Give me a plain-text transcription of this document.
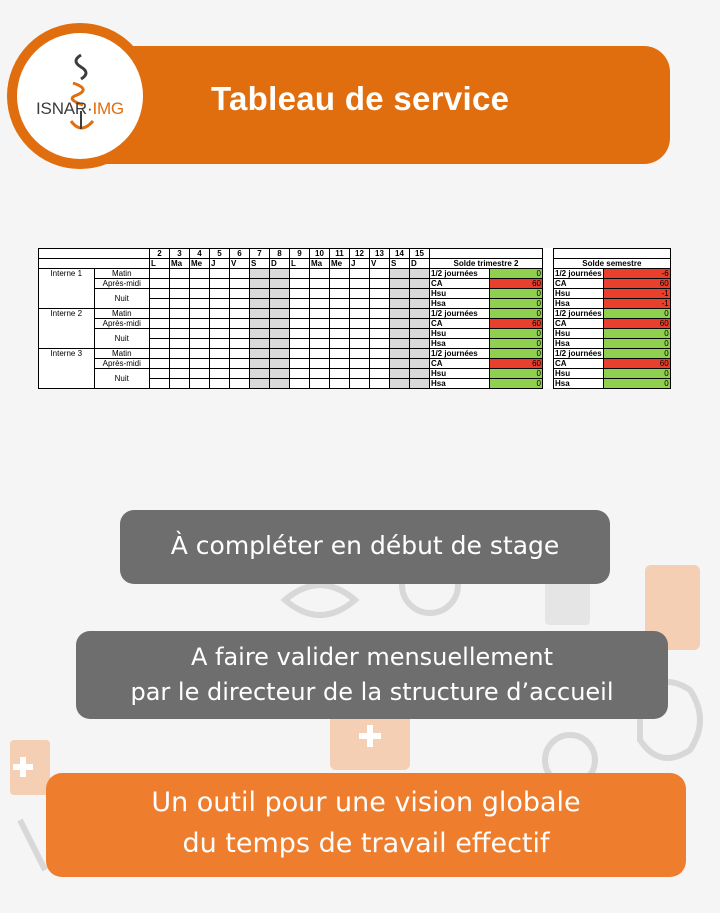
Tableau de service
ISNAR·IMG
		2	3	4	5	6	7	8	9	10	11	12	13	14	15					
		L	Ma	Me	J	V	S	D	L	Ma	Me	J	V	S	D	Solde trimestre 2			Solde semestre	
Interne 1	Matin															1/2 journées	0		1/2 journées	-6
	Après-midi															CA	60		CA	60
	Nuit															Hsu	0		Hsu	-1
																Hsa	0		Hsa	-1
Interne 2	Matin															1/2 journées	0		1/2 journées	0
	Après-midi															CA	60		CA	60
	Nuit															Hsu	0		Hsu	0
																Hsa	0		Hsa	0
Interne 3	Matin															1/2 journées	0		1/2 journées	0
	Après-midi															CA	60		CA	60
	Nuit															Hsu	0		Hsu	0
																Hsa	0		Hsa	0
À compléter en début de stage
A faire valider mensuellement
par le directeur de la structure d’accueil
Un outil pour une vision globale
du temps de travail effectif
